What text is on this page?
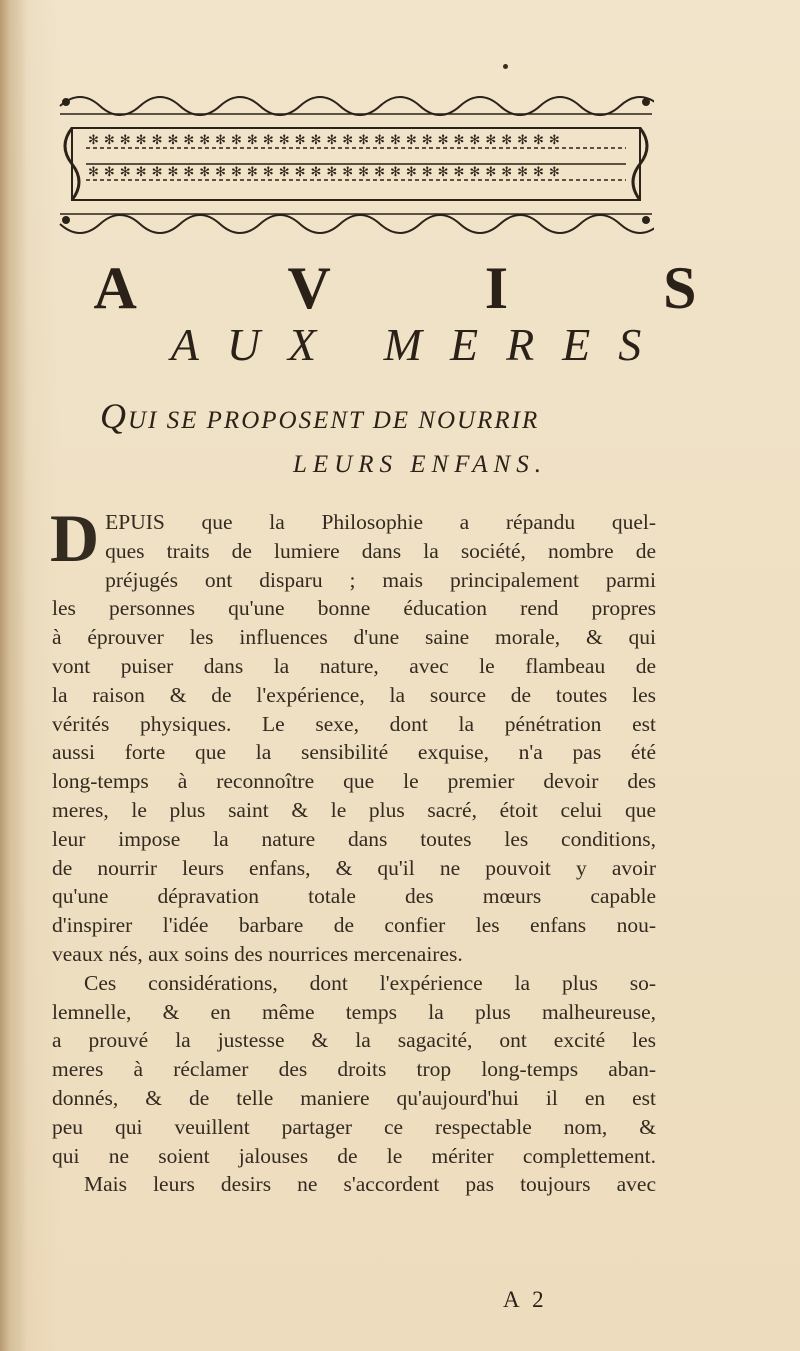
✻✻✻✻✻✻✻✻✻✻✻✻✻✻✻✻✻✻✻✻✻✻✻✻✻✻✻✻✻✻
✻✻✻✻✻✻✻✻✻✻✻✻✻✻✻✻✻✻✻✻✻✻✻✻✻✻✻✻✻✻
A V I S
AUX MERES
QUI SE PROPOSENT DE NOURRIR
LEURS ENFANS.
D EPUIS que la Philosophie a répandu quel-
ques traits de lumiere dans la société, nombre de
préjugés ont disparu ; mais principalement parmi
les personnes qu'une bonne éducation rend propres
à éprouver les influences d'une saine morale, & qui
vont puiser dans la nature, avec le flambeau de
la raison & de l'expérience, la source de toutes les
vérités physiques. Le sexe, dont la pénétration est
aussi forte que la sensibilité exquise, n'a pas été
long-temps à reconnoître que le premier devoir des
meres, le plus saint & le plus sacré, étoit celui que
leur impose la nature dans toutes les conditions,
de nourrir leurs enfans, & qu'il ne pouvoit y avoir
qu'une dépravation totale des mœurs capable
d'inspirer l'idée barbare de confier les enfans nou-
veaux nés, aux soins des nourrices mercenaires.
Ces considérations, dont l'expérience la plus so-
lemnelle, & en même temps la plus malheureuse,
a prouvé la justesse & la sagacité, ont excité les
meres à réclamer des droits trop long-temps aban-
donnés, & de telle maniere qu'aujourd'hui il en est
peu qui veuillent partager ce respectable nom, &
qui ne soient jalouses de le mériter complettement.
Mais leurs desirs ne s'accordent pas toujours avec
A 2
